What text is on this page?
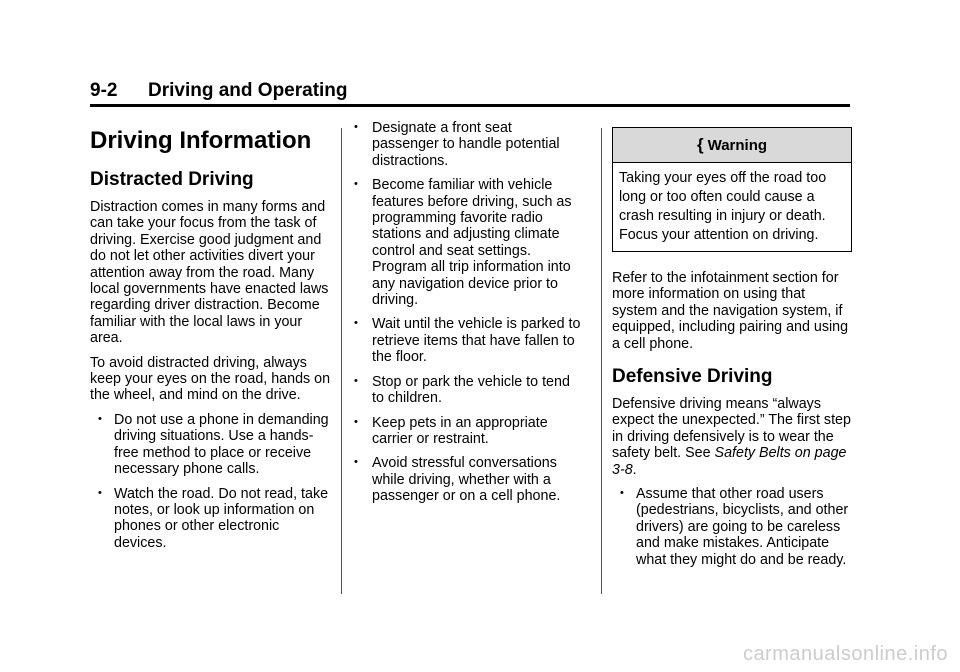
9-2 Driving and Operating
Driving Information
Distracted Driving

Distraction comes in many forms and can take your focus from the task of driving. Exercise good judgment and do not let other activities divert your attention away from the road. Many local governments have enacted laws regarding driver distraction. Become familiar with the local laws in your area.

To avoid distracted driving, always keep your eyes on the road, hands on the wheel, and mind on the drive.

• Do not use a phone in demanding driving situations. Use a hands-free method to place or receive necessary phone calls.
• Watch the road. Do not read, take notes, or look up information on phones or other electronic devices.
• Designate a front seat passenger to handle potential distractions.
• Become familiar with vehicle features before driving, such as programming favorite radio stations and adjusting climate control and seat settings. Program all trip information into any navigation device prior to driving.
• Wait until the vehicle is parked to retrieve items that have fallen to the floor.
• Stop or park the vehicle to tend to children.
• Keep pets in an appropriate carrier or restraint.
• Avoid stressful conversations while driving, whether with a passenger or on a cell phone.
{ Warning
Taking your eyes off the road too long or too often could cause a crash resulting in injury or death. Focus your attention on driving.

Refer to the infotainment section for more information on using that system and the navigation system, if equipped, including pairing and using a cell phone.

Defensive Driving

Defensive driving means “always expect the unexpected.” The first step in driving defensively is to wear the safety belt. See Safety Belts on page 3-8.

• Assume that other road users (pedestrians, bicyclists, and other drivers) are going to be careless and make mistakes. Anticipate what they might do and be ready.
carmanualsonline.info
